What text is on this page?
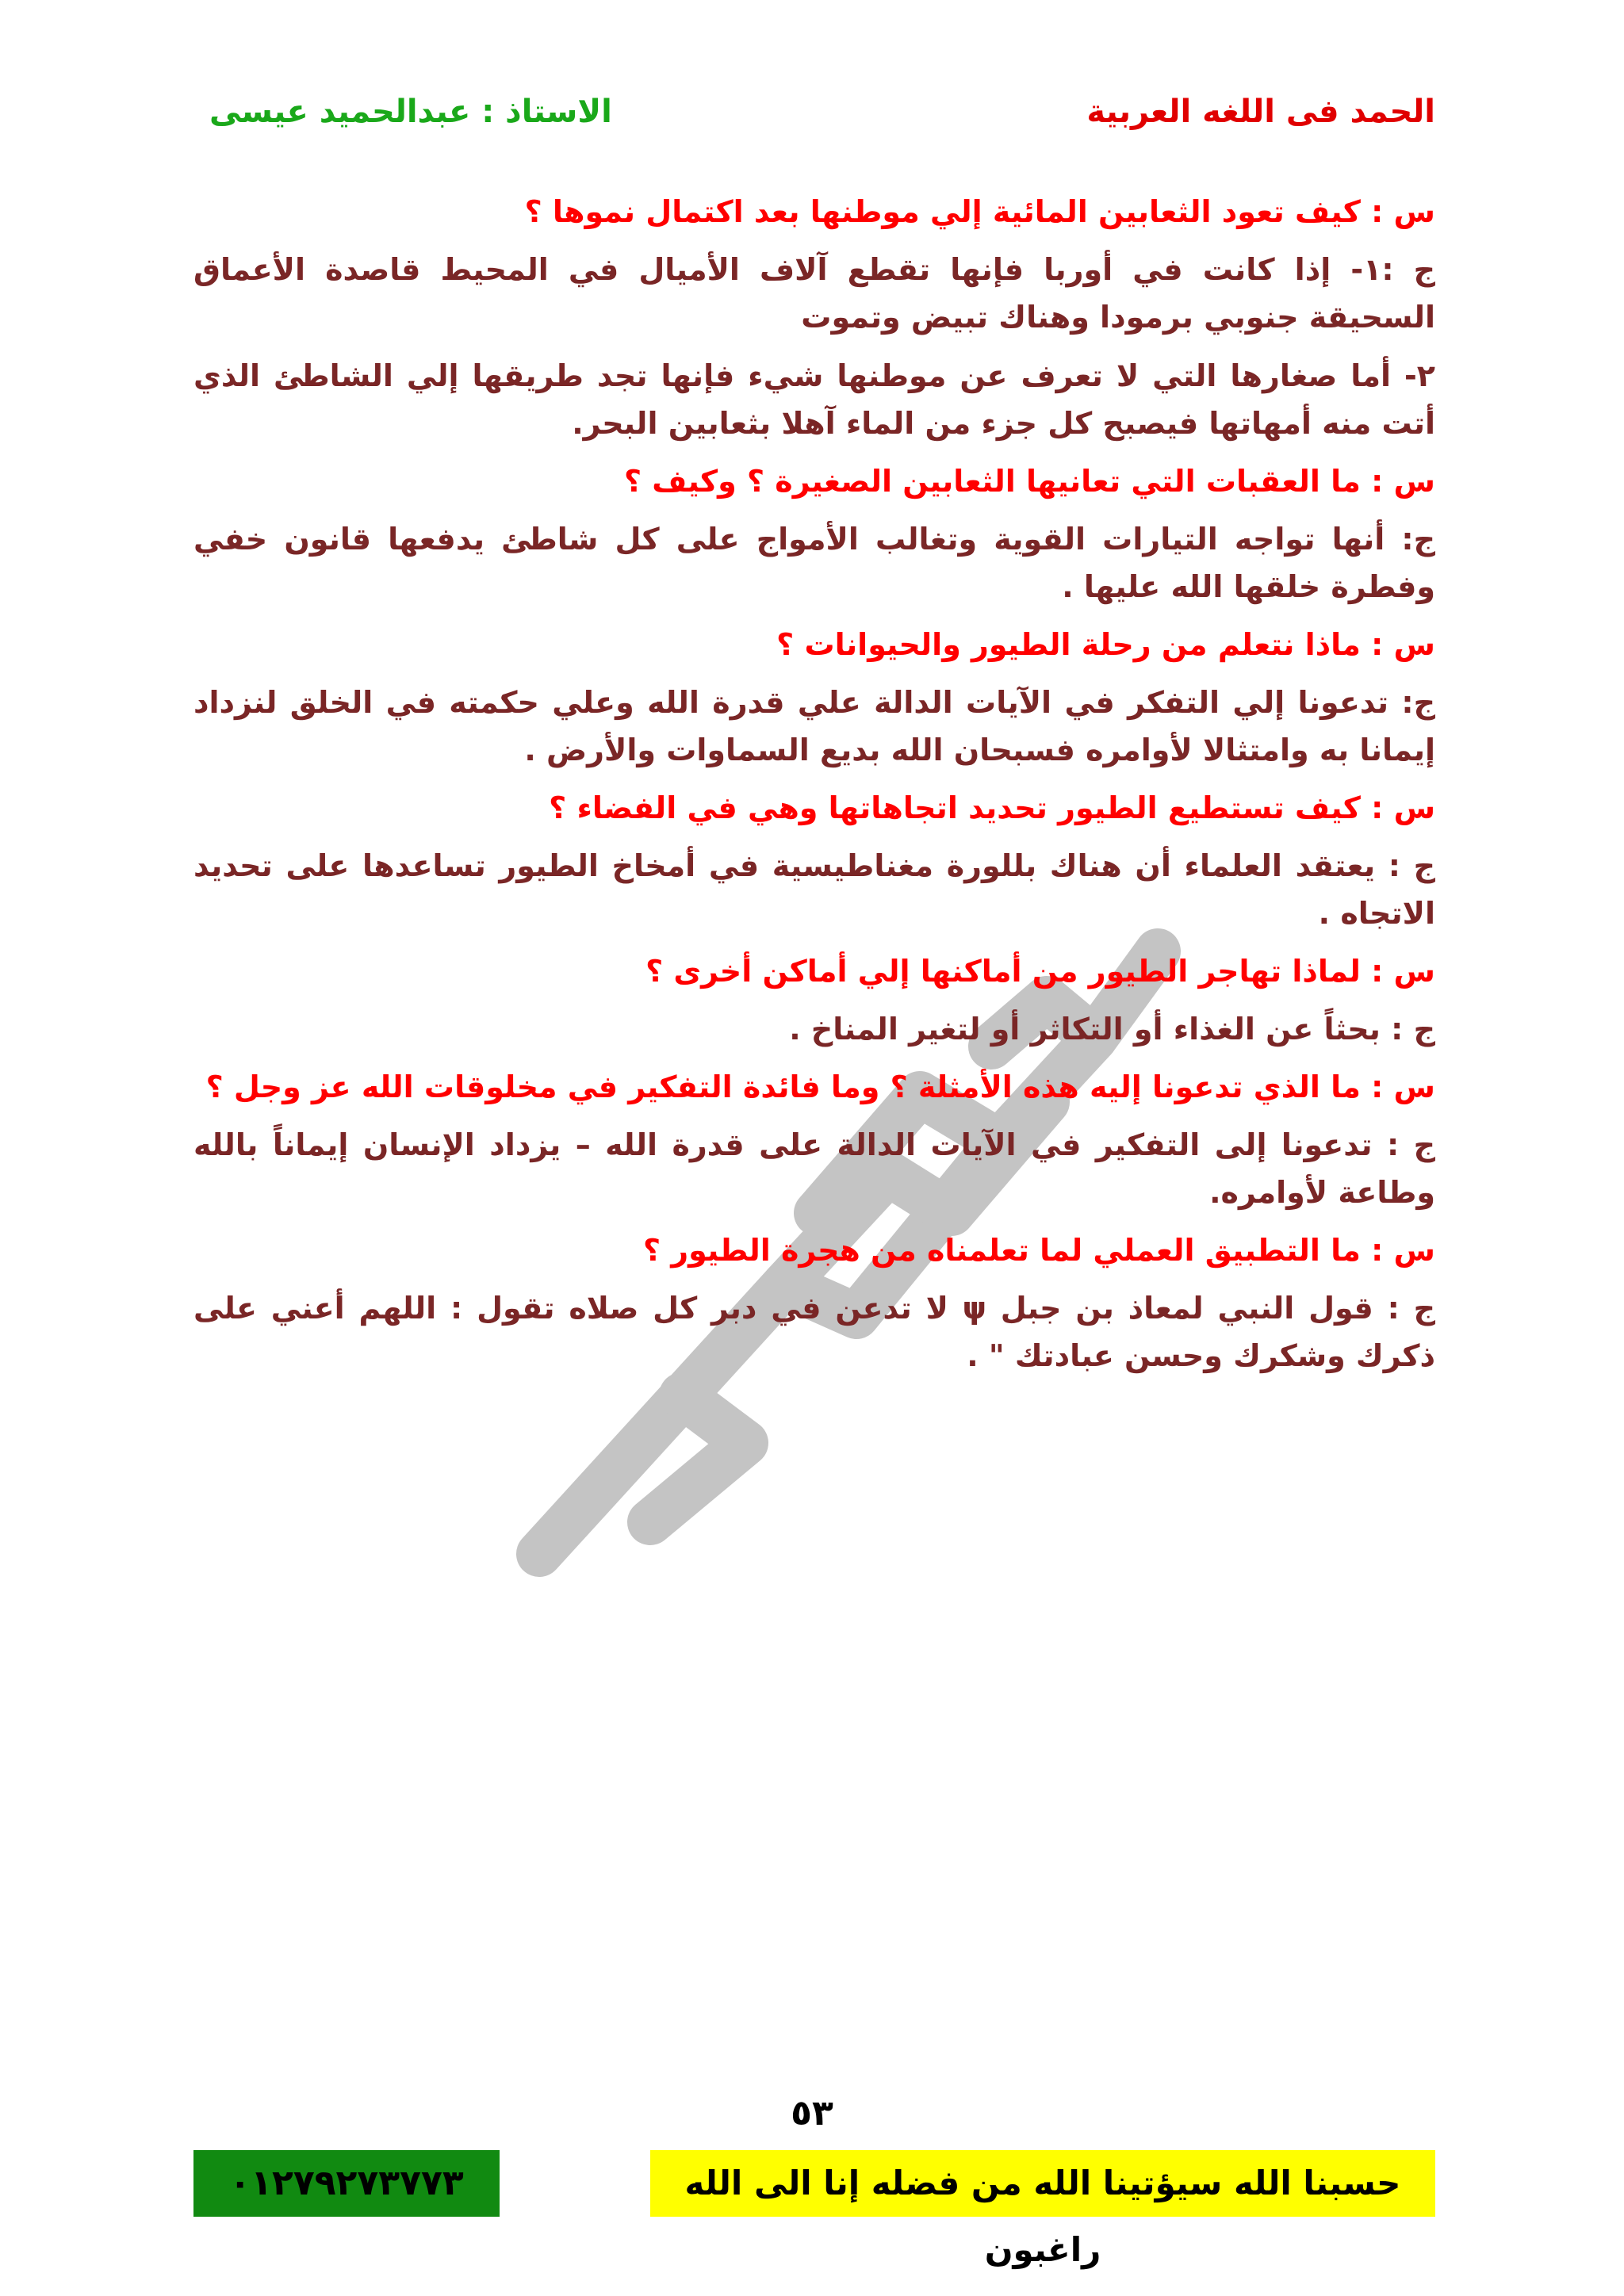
الحمد فى اللغه العربية
الاستاذ : عبدالحميد عيسى

س : كيف تعود الثعابين المائية إلي موطنها بعد اكتمال نموها ؟

ج :١- إذا كانت في أوربا فإنها تقطع آلاف الأميال في المحيط قاصدة الأعماق السحيقة جنوبي برمودا وهناك تبيض وتموت

٢- أما صغارها التي لا تعرف عن موطنها شيء فإنها تجد طريقها إلي الشاطئ الذي أتت منه أمهاتها فيصبح كل جزء من الماء آهلا بثعابين البحر.

س : ما العقبات التي تعانيها الثعابين الصغيرة ؟ وكيف ؟

ج: أنها تواجه التيارات القوية وتغالب الأمواج على كل شاطئ يدفعها قانون خفي وفطرة خلقها الله عليها .

س : ماذا نتعلم من رحلة الطيور والحيوانات ؟

ج: تدعونا إلي التفكر في الآيات الدالة علي قدرة الله وعلي حكمته في الخلق لنزداد إيمانا به وامتثالا لأوامره فسبحان الله بديع السماوات والأرض .

س : كيف تستطيع الطيور تحديد اتجاهاتها وهي في الفضاء ؟

ج : يعتقد العلماء أن هناك بللورة مغناطيسية في أمخاخ الطيور تساعدها على تحديد الاتجاه .

س : لماذا تهاجر الطيور من أماكنها إلي أماكن أخرى ؟

ج : بحثاً عن الغذاء أو التكاثر أو لتغير المناخ .

س : ما الذي تدعونا إليه هذه الأمثلة ؟ وما فائدة التفكير في مخلوقات الله عز وجل ؟

ج : تدعونا إلى التفكير في الآيات الدالة على قدرة الله – يزداد الإنسان إيماناً بالله وطاعة لأوامره.

س : ما التطبيق العملي لما تعلمناه من هجرة الطيور ؟

ج : قول النبي لمعاذ بن جبل ψ لا تدعن في دبر كل صلاه تقول : اللهم أعني على ذكرك وشكرك وحسن عبادتك " .

٥٣
٠١٢٧٩٢٧٣٧٧٣	حسبنا الله سيؤتينا الله من فضله إنا الى الله راغبون
